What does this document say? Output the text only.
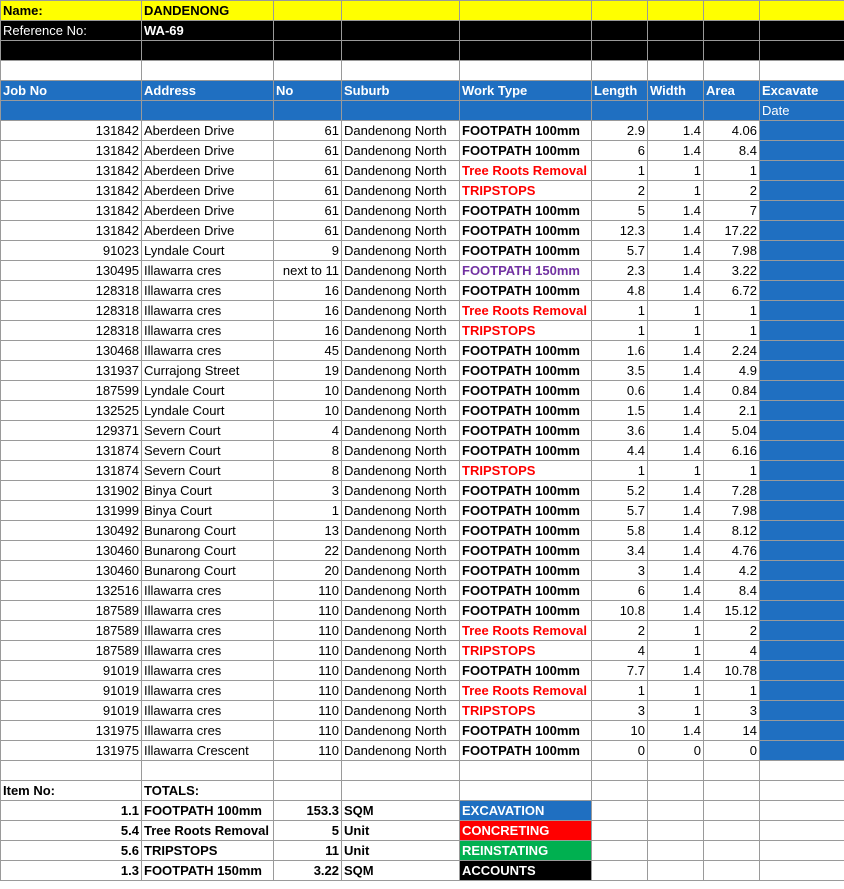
Name:	DANDENONG							
Reference No:	WA-69							

Job No	Address	No	Suburb	Work Type	Length	Width	Area	Excavate
								Date
131842	Aberdeen Drive	61	Dandenong North	FOOTPATH 100mm	2.9	1.4	4.06	
131842	Aberdeen Drive	61	Dandenong North	FOOTPATH 100mm	6	1.4	8.4	
131842	Aberdeen Drive	61	Dandenong North	Tree Roots Removal	1	1	1	
131842	Aberdeen Drive	61	Dandenong North	TRIPSTOPS	2	1	2	
131842	Aberdeen Drive	61	Dandenong North	FOOTPATH 100mm	5	1.4	7	
131842	Aberdeen Drive	61	Dandenong North	FOOTPATH 100mm	12.3	1.4	17.22	
91023	Lyndale Court	9	Dandenong North	FOOTPATH 100mm	5.7	1.4	7.98	
130495	Illawarra cres	next to 11	Dandenong North	FOOTPATH 150mm	2.3	1.4	3.22	
128318	Illawarra cres	16	Dandenong North	FOOTPATH 100mm	4.8	1.4	6.72	
128318	Illawarra cres	16	Dandenong North	Tree Roots Removal	1	1	1	
128318	Illawarra cres	16	Dandenong North	TRIPSTOPS	1	1	1	
130468	Illawarra cres	45	Dandenong North	FOOTPATH 100mm	1.6	1.4	2.24	
131937	Currajong Street	19	Dandenong North	FOOTPATH 100mm	3.5	1.4	4.9	
187599	Lyndale Court	10	Dandenong North	FOOTPATH 100mm	0.6	1.4	0.84	
132525	Lyndale Court	10	Dandenong North	FOOTPATH 100mm	1.5	1.4	2.1	
129371	Severn Court	4	Dandenong North	FOOTPATH 100mm	3.6	1.4	5.04	
131874	Severn Court	8	Dandenong North	FOOTPATH 100mm	4.4	1.4	6.16	
131874	Severn Court	8	Dandenong North	TRIPSTOPS	1	1	1	
131902	Binya Court	3	Dandenong North	FOOTPATH 100mm	5.2	1.4	7.28	
131999	Binya Court	1	Dandenong North	FOOTPATH 100mm	5.7	1.4	7.98	
130492	Bunarong Court	13	Dandenong North	FOOTPATH 100mm	5.8	1.4	8.12	
130460	Bunarong Court	22	Dandenong North	FOOTPATH 100mm	3.4	1.4	4.76	
130460	Bunarong Court	20	Dandenong North	FOOTPATH 100mm	3	1.4	4.2	
132516	Illawarra cres	110	Dandenong North	FOOTPATH 100mm	6	1.4	8.4	
187589	Illawarra cres	110	Dandenong North	FOOTPATH 100mm	10.8	1.4	15.12	
187589	Illawarra cres	110	Dandenong North	Tree Roots Removal	2	1	2	
187589	Illawarra cres	110	Dandenong North	TRIPSTOPS	4	1	4	
91019	Illawarra cres	110	Dandenong North	FOOTPATH 100mm	7.7	1.4	10.78	
91019	Illawarra cres	110	Dandenong North	Tree Roots Removal	1	1	1	
91019	Illawarra cres	110	Dandenong North	TRIPSTOPS	3	1	3	
131975	Illawarra cres	110	Dandenong North	FOOTPATH 100mm	10	1.4	14	
131975	Illawarra Crescent	110	Dandenong North	FOOTPATH 100mm	0	0	0	

Item No:	TOTALS:							
1.1	FOOTPATH 100mm	153.3	SQM	EXCAVATION				
5.4	Tree Roots Removal	5	Unit	CONCRETING				
5.6	TRIPSTOPS	11	Unit	REINSTATING				
1.3	FOOTPATH 150mm	3.22	SQM	ACCOUNTS				
